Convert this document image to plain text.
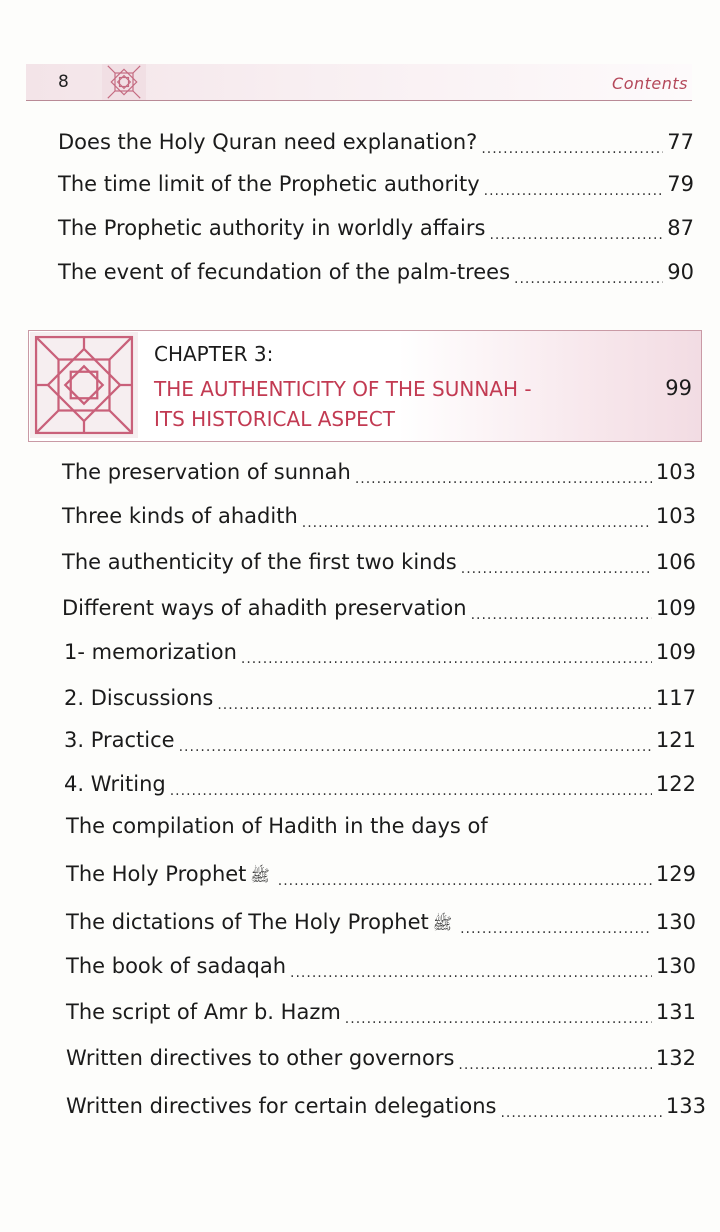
8	Contents
Does the Holy Quran need explanation? .....	77
The time limit of the Prophetic authority .....	79
The Prophetic authority in worldly affairs .....	87
The event of fecundation of the palm-trees .....	90
CHAPTER 3:
THE AUTHENTICITY OF THE SUNNAH -
ITS HISTORICAL ASPECT
99
The preservation of sunnah .....	103
Three kinds of ahadith .....	103
The authenticity of the first two kinds .....	106
Different ways of ahadith preservation .....	109
1- memorization .....	109
2. Discussions .....	117
3. Practice .....	121
4. Writing .....	122
The compilation of Hadith in the days of
The Holy Prophet ﷺ .....	129
The dictations of The Holy Prophet ﷺ .....	130
The book of sadaqah .....	130
The script of Amr b. Hazm .....	131
Written directives to other governors .....	132
Written directives for certain delegations .....	133
